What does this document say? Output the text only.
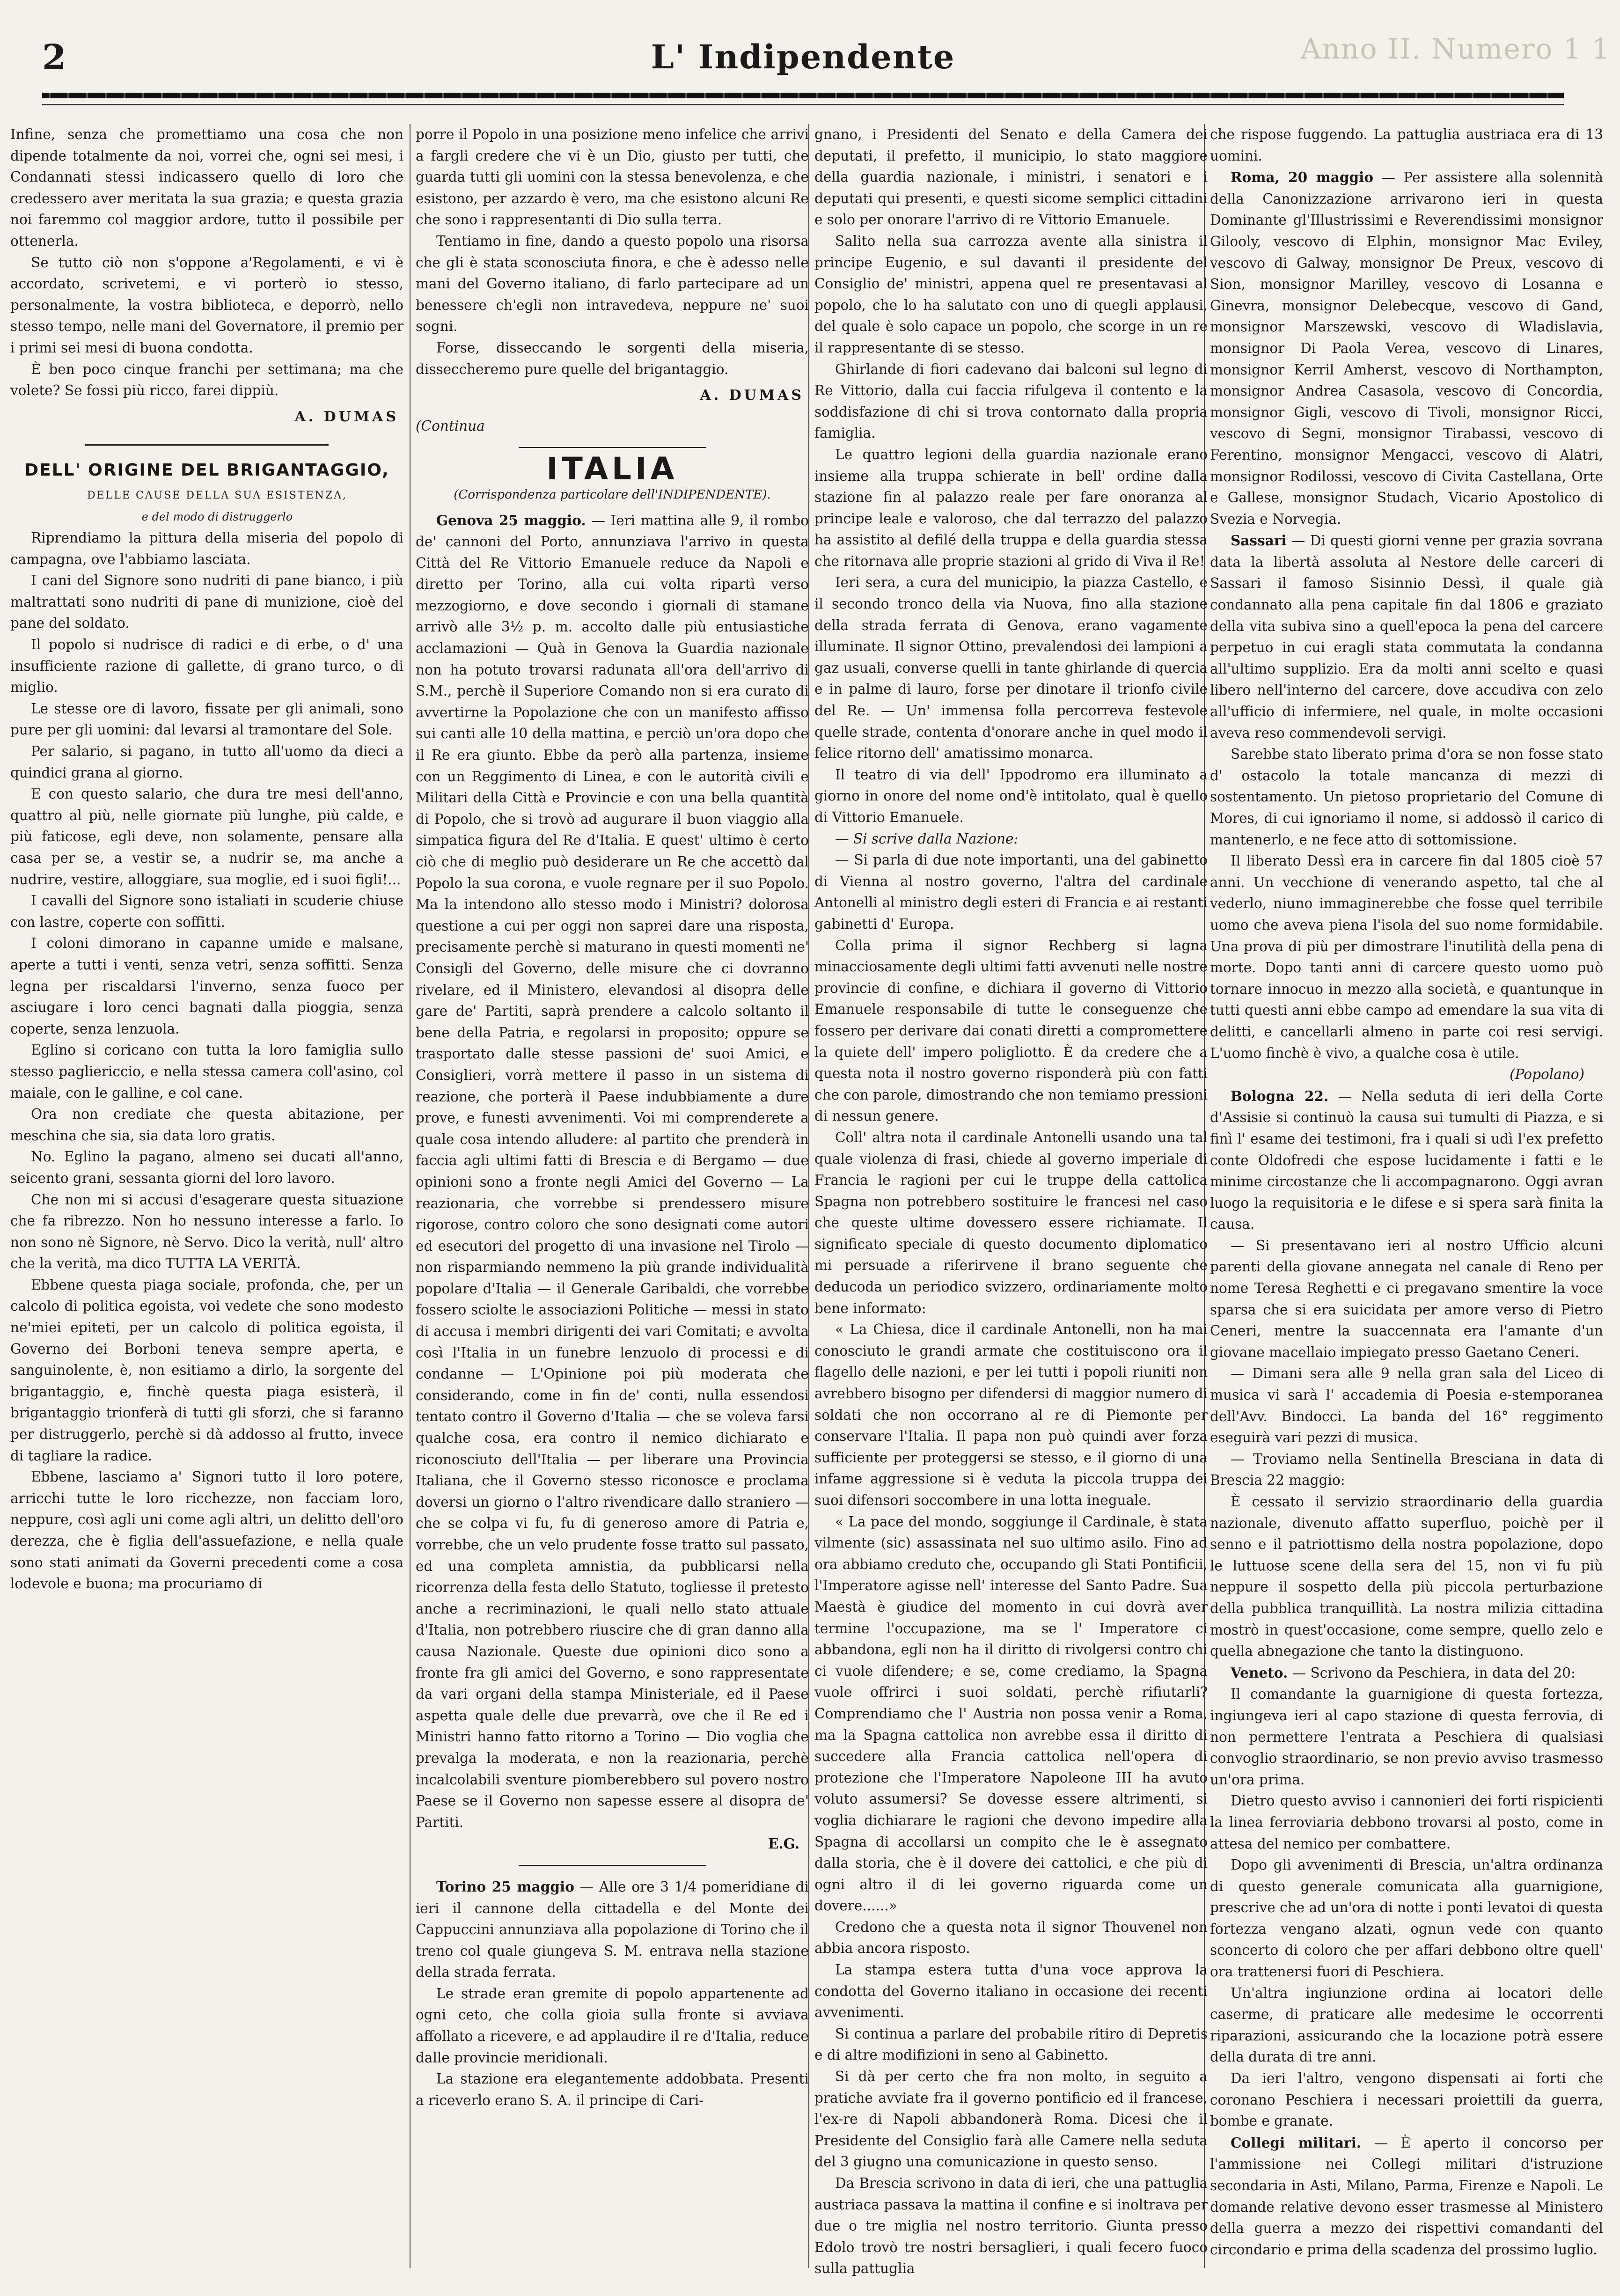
2	L' Indipendente	Anno II. Numero 1 1

Infine, senza che promettiamo una cosa che non dipende totalmente da noi, vorrei che, ogni sei mesi, i Condannati stessi indicassero quello di loro che credessero aver meritata la sua grazia; e questa grazia noi faremmo col maggior ardore, tutto il possibile per ottenerla.

Se tutto ciò non s'oppone a'Regolamenti, e vi è accordato, scrivetemi, e vi porterò io stesso, personalmente, la vostra biblioteca, e deporrò, nello stesso tempo, nelle mani del Governatore, il premio per i primi sei mesi di buona condotta.

È ben poco cinque franchi per settimana; ma che volete? Se fossi più ricco, farei dippiù.

A. DUMAS
DELL' ORIGINE DEL BRIGANTAGGIO,

DELLE CAUSE DELLA SUA ESISTENZA,

e del modo di distruggerlo

Riprendiamo la pittura della miseria del popolo di campagna, ove l'abbiamo lasciata.

I cani del Signore sono nudriti di pane bianco, i più maltrattati sono nudriti di pane di munizione, cioè del pane del soldato.

Il popolo si nudrisce di radici e di erbe, o d' una insufficiente razione di gallette, di grano turco, o di miglio.

Le stesse ore di lavoro, fissate per gli animali, sono pure per gli uomini: dal levarsi al tramontare del Sole.

Per salario, si pagano, in tutto all'uomo da dieci a quindici grana al giorno.

E con questo salario, che dura tre mesi dell'anno, quattro al più, nelle giornate più lunghe, più calde, e più faticose, egli deve, non solamente, pensare alla casa per se, a vestir se, a nudrir se, ma anche a nudrire, vestire, alloggiare, sua moglie, ed i suoi figli!...

I cavalli del Signore sono istaliati in scuderie chiuse con lastre, coperte con soffitti.

I coloni dimorano in capanne umide e malsane, aperte a tutti i venti, senza vetri, senza soffitti. Senza legna per riscaldarsi l'inverno, senza fuoco per asciugare i loro cenci bagnati dalla pioggia, senza coperte, senza lenzuola.

Eglino si coricano con tutta la loro famiglia sullo stesso pagliericcio, e nella stessa camera coll'asino, col maiale, con le galline, e col cane.

Ora non crediate che questa abitazione, per meschina che sia, sia data loro gratis.

No. Eglino la pagano, almeno sei ducati all'anno, seicento grani, sessanta giorni del loro lavoro.

Che non mi si accusi d'esagerare questa situazione che fa ribrezzo. Non ho nessuno interesse a farlo. Io non sono nè Signore, nè Servo. Dico la verità, null' altro che la verità, ma dico TUTTA LA VERITÀ.

Ebbene questa piaga sociale, profonda, che, per un calcolo di politica egoista, voi vedete che sono modesto ne'miei epiteti, per un calcolo di politica egoista, il Governo dei Borboni teneva sempre aperta, e sanguinolente, è, non esitiamo a dirlo, la sorgente del brigantaggio, e, finchè questa piaga esisterà, il brigantaggio trionferà di tutti gli sforzi, che si faranno per distruggerlo, perchè si dà addosso al frutto, invece di tagliare la radice.

Ebbene, lasciamo a' Signori tutto il loro potere, arricchi tutte le loro ricchezze, non facciam loro, neppure, così agli uni come agli altri, un delitto dell'oro derezza, che è figlia dell'assuefazione, e nella quale sono stati animati da Governi precedenti come a cosa lodevole e buona; ma procuriamo di

porre il Popolo in una posizione meno infelice che arrivi a fargli credere che vi è un Dio, giusto per tutti, che guarda tutti gli uomini con la stessa benevolenza, e che esistono, per azzardo è vero, ma che esistono alcuni Re che sono i rappresentanti di Dio sulla terra.

Tentiamo in fine, dando a questo popolo una risorsa che gli è stata sconosciuta finora, e che è adesso nelle mani del Governo italiano, di farlo partecipare ad un benessere ch'egli non intravedeva, neppure ne' suoi sogni.

Forse, disseccando le sorgenti della miseria, disseccheremo pure quelle del brigantaggio.

A. DUMAS
(Continua
ITALIA
(Corrispondenza particolare dell'INDIPENDENTE).

Genova 25 maggio. — Ieri mattina alle 9, il rombo de' cannoni del Porto, annunziava l'arrivo in questa Città del Re Vittorio Emanuele reduce da Napoli e diretto per Torino, alla cui volta ripartì verso mezzogiorno, e dove secondo i giornali di stamane arrivò alle 3½ p. m. accolto dalle più entusiastiche acclamazioni — Quà in Genova la Guardia nazionale non ha potuto trovarsi radunata all'ora dell'arrivo di S.M., perchè il Superiore Comando non si era curato di avvertirne la Popolazione che con un manifesto affisso sui canti alle 10 della mattina, e perciò un'ora dopo che il Re era giunto. Ebbe da però alla partenza, insieme con un Reggimento di Linea, e con le autorità civili e Militari della Città e Provincie e con una bella quantità di Popolo, che si trovò ad augurare il buon viaggio alla simpatica figura del Re d'Italia. E quest' ultimo è certo ciò che di meglio può desiderare un Re che accettò dal Popolo la sua corona, e vuole regnare per il suo Popolo. Ma la intendono allo stesso modo i Ministri? dolorosa questione a cui per oggi non saprei dare una risposta, precisamente perchè si maturano in questi momenti ne' Consigli del Governo, delle misure che ci dovranno rivelare, ed il Ministero, elevandosi al disopra delle gare de' Partiti, saprà prendere a calcolo soltanto il bene della Patria, e regolarsi in proposito; oppure se trasportato dalle stesse passioni de' suoi Amici, e Consiglieri, vorrà mettere il passo in un sistema di reazione, che porterà il Paese indubbiamente a dure prove, e funesti avvenimenti. Voi mi comprenderete a quale cosa intendo alludere: al partito che prenderà in faccia agli ultimi fatti di Brescia e di Bergamo — due opinioni sono a fronte negli Amici del Governo — La reazionaria, che vorrebbe si prendessero misure rigorose, contro coloro che sono designati come autori ed esecutori del progetto di una invasione nel Tirolo — non risparmiando nemmeno la più grande individualità popolare d'Italia — il Generale Garibaldi, che vorrebbe fossero sciolte le associazioni Politiche — messi in stato di accusa i membri dirigenti dei vari Comitati; e avvolta così l'Italia in un funebre lenzuolo di processi e di condanne — L'Opinione poi più moderata che considerando, come in fin de' conti, nulla essendosi tentato contro il Governo d'Italia — che se voleva farsi qualche cosa, era contro il nemico dichiarato e riconosciuto dell'Italia — per liberare una Provincia Italiana, che il Governo stesso riconosce e proclama doversi un giorno o l'altro rivendicare dallo straniero — che se colpa vi fu, fu di generoso amore di Patria e, vorrebbe, che un velo prudente fosse tratto sul passato, ed una completa amnistia, da pubblicarsi nella ricorrenza della festa dello Statuto, togliesse il pretesto anche a recriminazioni, le quali nello stato attuale d'Italia, non potrebbero riuscire che di gran danno alla causa Nazionale. Queste due opinioni dico sono a fronte fra gli amici del Governo, e sono rappresentate da vari organi della stampa Ministeriale, ed il Paese aspetta quale delle due prevarrà, ove che il Re ed i Ministri hanno fatto ritorno a Torino — Dio voglia che prevalga la moderata, e non la reazionaria, perchè incalcolabili sventure piomberebbero sul povero nostro Paese se il Governo non sapesse essere al disopra de' Partiti.

E.G.

Torino 25 maggio — Alle ore 3 1/4 pomeridiane di ieri il cannone della cittadella e del Monte dei Cappuccini annunziava alla popolazione di Torino che il treno col quale giungeva S. M. entrava nella stazione della strada ferrata.

Le strade eran gremite di popolo appartenente ad ogni ceto, che colla gioia sulla fronte si avviava affollato a ricevere, e ad applaudire il re d'Italia, reduce dalle provincie meridionali.

La stazione era elegantemente addobbata. Presenti a riceverlo erano S. A. il principe di Cari-

gnano, i Presidenti del Senato e della Camera dei deputati, il prefetto, il municipio, lo stato maggiore della guardia nazionale, i ministri, i senatori e i deputati qui presenti, e questi sicome semplici cittadini e solo per onorare l'arrivo di re Vittorio Emanuele.

Salito nella sua carrozza avente alla sinistra il principe Eugenio, e sul davanti il presidente del Consiglio de' ministri, appena quel re presentavasi al popolo, che lo ha salutato con uno di quegli applausi, del quale è solo capace un popolo, che scorge in un re il rappresentante di se stesso.

Ghirlande di fiori cadevano dai balconi sul legno di Re Vittorio, dalla cui faccia rifulgeva il contento e la soddisfazione di chi si trova contornato dalla propria famiglia.

Le quattro legioni della guardia nazionale erano insieme alla truppa schierate in bell' ordine dalla stazione fin al palazzo reale per fare onoranza al principe leale e valoroso, che dal terrazzo del palazzo ha assistito al defilé della truppa e della guardia stessa che ritornava alle proprie stazioni al grido di Viva il Re!

Ieri sera, a cura del municipio, la piazza Castello, e il secondo tronco della via Nuova, fino alla stazione della strada ferrata di Genova, erano vagamente illuminate. Il signor Ottino, prevalendosi dei lampioni a gaz usuali, converse quelli in tante ghirlande di quercia e in palme di lauro, forse per dinotare il trionfo civile del Re. — Un' immensa folla percorreva festevole quelle strade, contenta d'onorare anche in quel modo il felice ritorno dell' amatissimo monarca.

Il teatro di via dell' Ippodromo era illuminato a giorno in onore del nome ond'è intitolato, qual è quello di Vittorio Emanuele.

— Si scrive dalla Nazione:

— Si parla di due note importanti, una del gabinetto di Vienna al nostro governo, l'altra del cardinale Antonelli al ministro degli esteri di Francia e ai restanti gabinetti d' Europa.

Colla prima il signor Rechberg si lagna minacciosamente degli ultimi fatti avvenuti nelle nostre provincie di confine, e dichiara il governo di Vittorio Emanuele responsabile di tutte le conseguenze che fossero per derivare dai conati diretti a compromettere la quiete dell' impero poligliotto. È da credere che a questa nota il nostro governo risponderà più con fatti che con parole, dimostrando che non temiamo pressioni di nessun genere.

Coll' altra nota il cardinale Antonelli usando una tal quale violenza di frasi, chiede al governo imperiale di Francia le ragioni per cui le truppe della cattolica Spagna non potrebbero sostituire le francesi nel caso che queste ultime dovessero essere richiamate. Il significato speciale di questo documento diplomatico mi persuade a riferirvene il brano seguente che deducoda un periodico svizzero, ordinariamente molto bene informato:

« La Chiesa, dice il cardinale Antonelli, non ha mai conosciuto le grandi armate che costituiscono ora il flagello delle nazioni, e per lei tutti i popoli riuniti non avrebbero bisogno per difendersi di maggior numero di soldati che non occorrano al re di Piemonte per conservare l'Italia. Il papa non può quindi aver forza sufficiente per proteggersi se stesso, e il giorno di una infame aggressione si è veduta la piccola truppa dei suoi difensori soccombere in una lotta ineguale.

« La pace del mondo, soggiunge il Cardinale, è stata vilmente (sic) assassinata nel suo ultimo asilo. Fino ad ora abbiamo creduto che, occupando gli Stati Pontificii, l'Imperatore agisse nell' interesse del Santo Padre. Sua Maestà è giudice del momento in cui dovrà aver termine l'occupazione, ma se l' Imperatore ci abbandona, egli non ha il diritto di rivolgersi contro chi ci vuole difendere; e se, come crediamo, la Spagna vuole offrirci i suoi soldati, perchè rifiutarli? Comprendiamo che l' Austria non possa venir a Roma, ma la Spagna cattolica non avrebbe essa il diritto di succedere alla Francia cattolica nell'opera di protezione che l'Imperatore Napoleone III ha avuto voluto assumersi? Se dovesse essere altrimenti, si voglia dichiarare le ragioni che devono impedire alla Spagna di accollarsi un compito che le è assegnato dalla storia, che è il dovere dei cattolici, e che più di ogni altro il di lei governo riguarda come un dovere......»

Credono che a questa nota il signor Thouvenel non abbia ancora risposto.

La stampa estera tutta d'una voce approva la condotta del Governo italiano in occasione dei recenti avvenimenti.

Si continua a parlare del probabile ritiro di Depretis e di altre modifizioni in seno al Gabinetto.

Si dà per certo che fra non molto, in seguito a pratiche avviate fra il governo pontificio ed il francese, l'ex-re di Napoli abbandonerà Roma. Dicesi che il Presidente del Consiglio farà alle Camere nella seduta del 3 giugno una comunicazione in questo senso.

Da Brescia scrivono in data di ieri, che una pattuglia austriaca passava la mattina il confine e si inoltrava per due o tre miglia nel nostro territorio. Giunta presso Edolo trovò tre nostri bersaglieri, i quali fecero fuoco sulla pattuglia

che rispose fuggendo. La pattuglia austriaca era di 13 uomini.

Roma, 20 maggio — Per assistere alla solennità della Canonizzazione arrivarono ieri in questa Dominante gl'Illustrissimi e Reverendissimi monsignor Gilooly, vescovo di Elphin, monsignor Mac Eviley, vescovo di Galway, monsignor De Preux, vescovo di Sion, monsignor Marilley, vescovo di Losanna e Ginevra, monsignor Delebecque, vescovo di Gand, monsignor Marszewski, vescovo di Wladislavia, monsignor Di Paola Verea, vescovo di Linares, monsignor Kerril Amherst, vescovo di Northampton, monsignor Andrea Casasola, vescovo di Concordia, monsignor Gigli, vescovo di Tivoli, monsignor Ricci, vescovo di Segni, monsignor Tirabassi, vescovo di Ferentino, monsignor Mengacci, vescovo di Alatri, monsignor Rodilossi, vescovo di Civita Castellana, Orte e Gallese, monsignor Studach, Vicario Apostolico di Svezia e Norvegia.

Sassari — Di questi giorni venne per grazia sovrana data la libertà assoluta al Nestore delle carceri di Sassari il famoso Sisinnio Dessì, il quale già condannato alla pena capitale fin dal 1806 e graziato della vita subiva sino a quell'epoca la pena del carcere perpetuo in cui eragli stata commutata la condanna all'ultimo supplizio. Era da molti anni scelto e quasi libero nell'interno del carcere, dove accudiva con zelo all'ufficio di infermiere, nel quale, in molte occasioni aveva reso commendevoli servigi.

Sarebbe stato liberato prima d'ora se non fosse stato d' ostacolo la totale mancanza di mezzi di sostentamento. Un pietoso proprietario del Comune di Mores, di cui ignoriamo il nome, si addossò il carico di mantenerlo, e ne fece atto di sottomissione.

Il liberato Dessì era in carcere fin dal 1805 cioè 57 anni. Un vecchione di venerando aspetto, tal che al vederlo, niuno immaginerebbe che fosse quel terribile uomo che aveva piena l'isola del suo nome formidabile. Una prova di più per dimostrare l'inutilità della pena di morte. Dopo tanti anni di carcere questo uomo può tornare innocuo in mezzo alla società, e quantunque in tutti questi anni ebbe campo ad emendare la sua vita di delitti, e cancellarli almeno in parte coi resi servigi. L'uomo finchè è vivo, a qualche cosa è utile.

(Popolano)

Bologna 22. — Nella seduta di ieri della Corte d'Assisie si continuò la causa sui tumulti di Piazza, e si finì l' esame dei testimoni, fra i quali si udì l'ex prefetto conte Oldofredi che espose lucidamente i fatti e le minime circostanze che li accompagnarono. Oggi avran luogo la requisitoria e le difese e si spera sarà finita la causa.

— Si presentavano ieri al nostro Ufficio alcuni parenti della giovane annegata nel canale di Reno per nome Teresa Reghetti e ci pregavano smentire la voce sparsa che si era suicidata per amore verso di Pietro Ceneri, mentre la suaccennata era l'amante d'un giovane macellaio impiegato presso Gaetano Ceneri.

— Dimani sera alle 9 nella gran sala del Liceo di musica vi sarà l' accademia di Poesia e-stemporanea dell'Avv. Bindocci. La banda del 16° reggimento eseguirà vari pezzi di musica.

— Troviamo nella Sentinella Bresciana in data di Brescia 22 maggio:

È cessato il servizio straordinario della guardia nazionale, divenuto affatto superfluo, poichè per il senno e il patriottismo della nostra popolazione, dopo le luttuose scene della sera del 15, non vi fu più neppure il sospetto della più piccola perturbazione della pubblica tranquillità. La nostra milizia cittadina mostrò in quest'occasione, come sempre, quello zelo e quella abnegazione che tanto la distinguono.

Veneto. — Scrivono da Peschiera, in data del 20:

Il comandante la guarnigione di questa fortezza, ingiungeva ieri al capo stazione di questa ferrovia, di non permettere l'entrata a Peschiera di qualsiasi convoglio straordinario, se non previo avviso trasmesso un'ora prima.

Dietro questo avviso i cannonieri dei forti rispicienti la linea ferroviaria debbono trovarsi al posto, come in attesa del nemico per combattere.

Dopo gli avvenimenti di Brescia, un'altra ordinanza di questo generale comunicata alla guarnigione, prescrive che ad un'ora di notte i ponti levatoi di questa fortezza vengano alzati, ognun vede con quanto sconcerto di coloro che per affari debbono oltre quell' ora trattenersi fuori di Peschiera.

Un'altra ingiunzione ordina ai locatori delle caserme, di praticare alle medesime le occorrenti riparazioni, assicurando che la locazione potrà essere della durata di tre anni.

Da ieri l'altro, vengono dispensati ai forti che coronano Peschiera i necessari proiettili da guerra, bombe e granate.

Collegi militari. — È aperto il concorso per l'ammissione nei Collegi militari d'istruzione secondaria in Asti, Milano, Parma, Firenze e Napoli. Le domande relative devono esser trasmesse al Ministero della guerra a mezzo dei rispettivi comandanti del circondario e prima della scadenza del prossimo luglio.
